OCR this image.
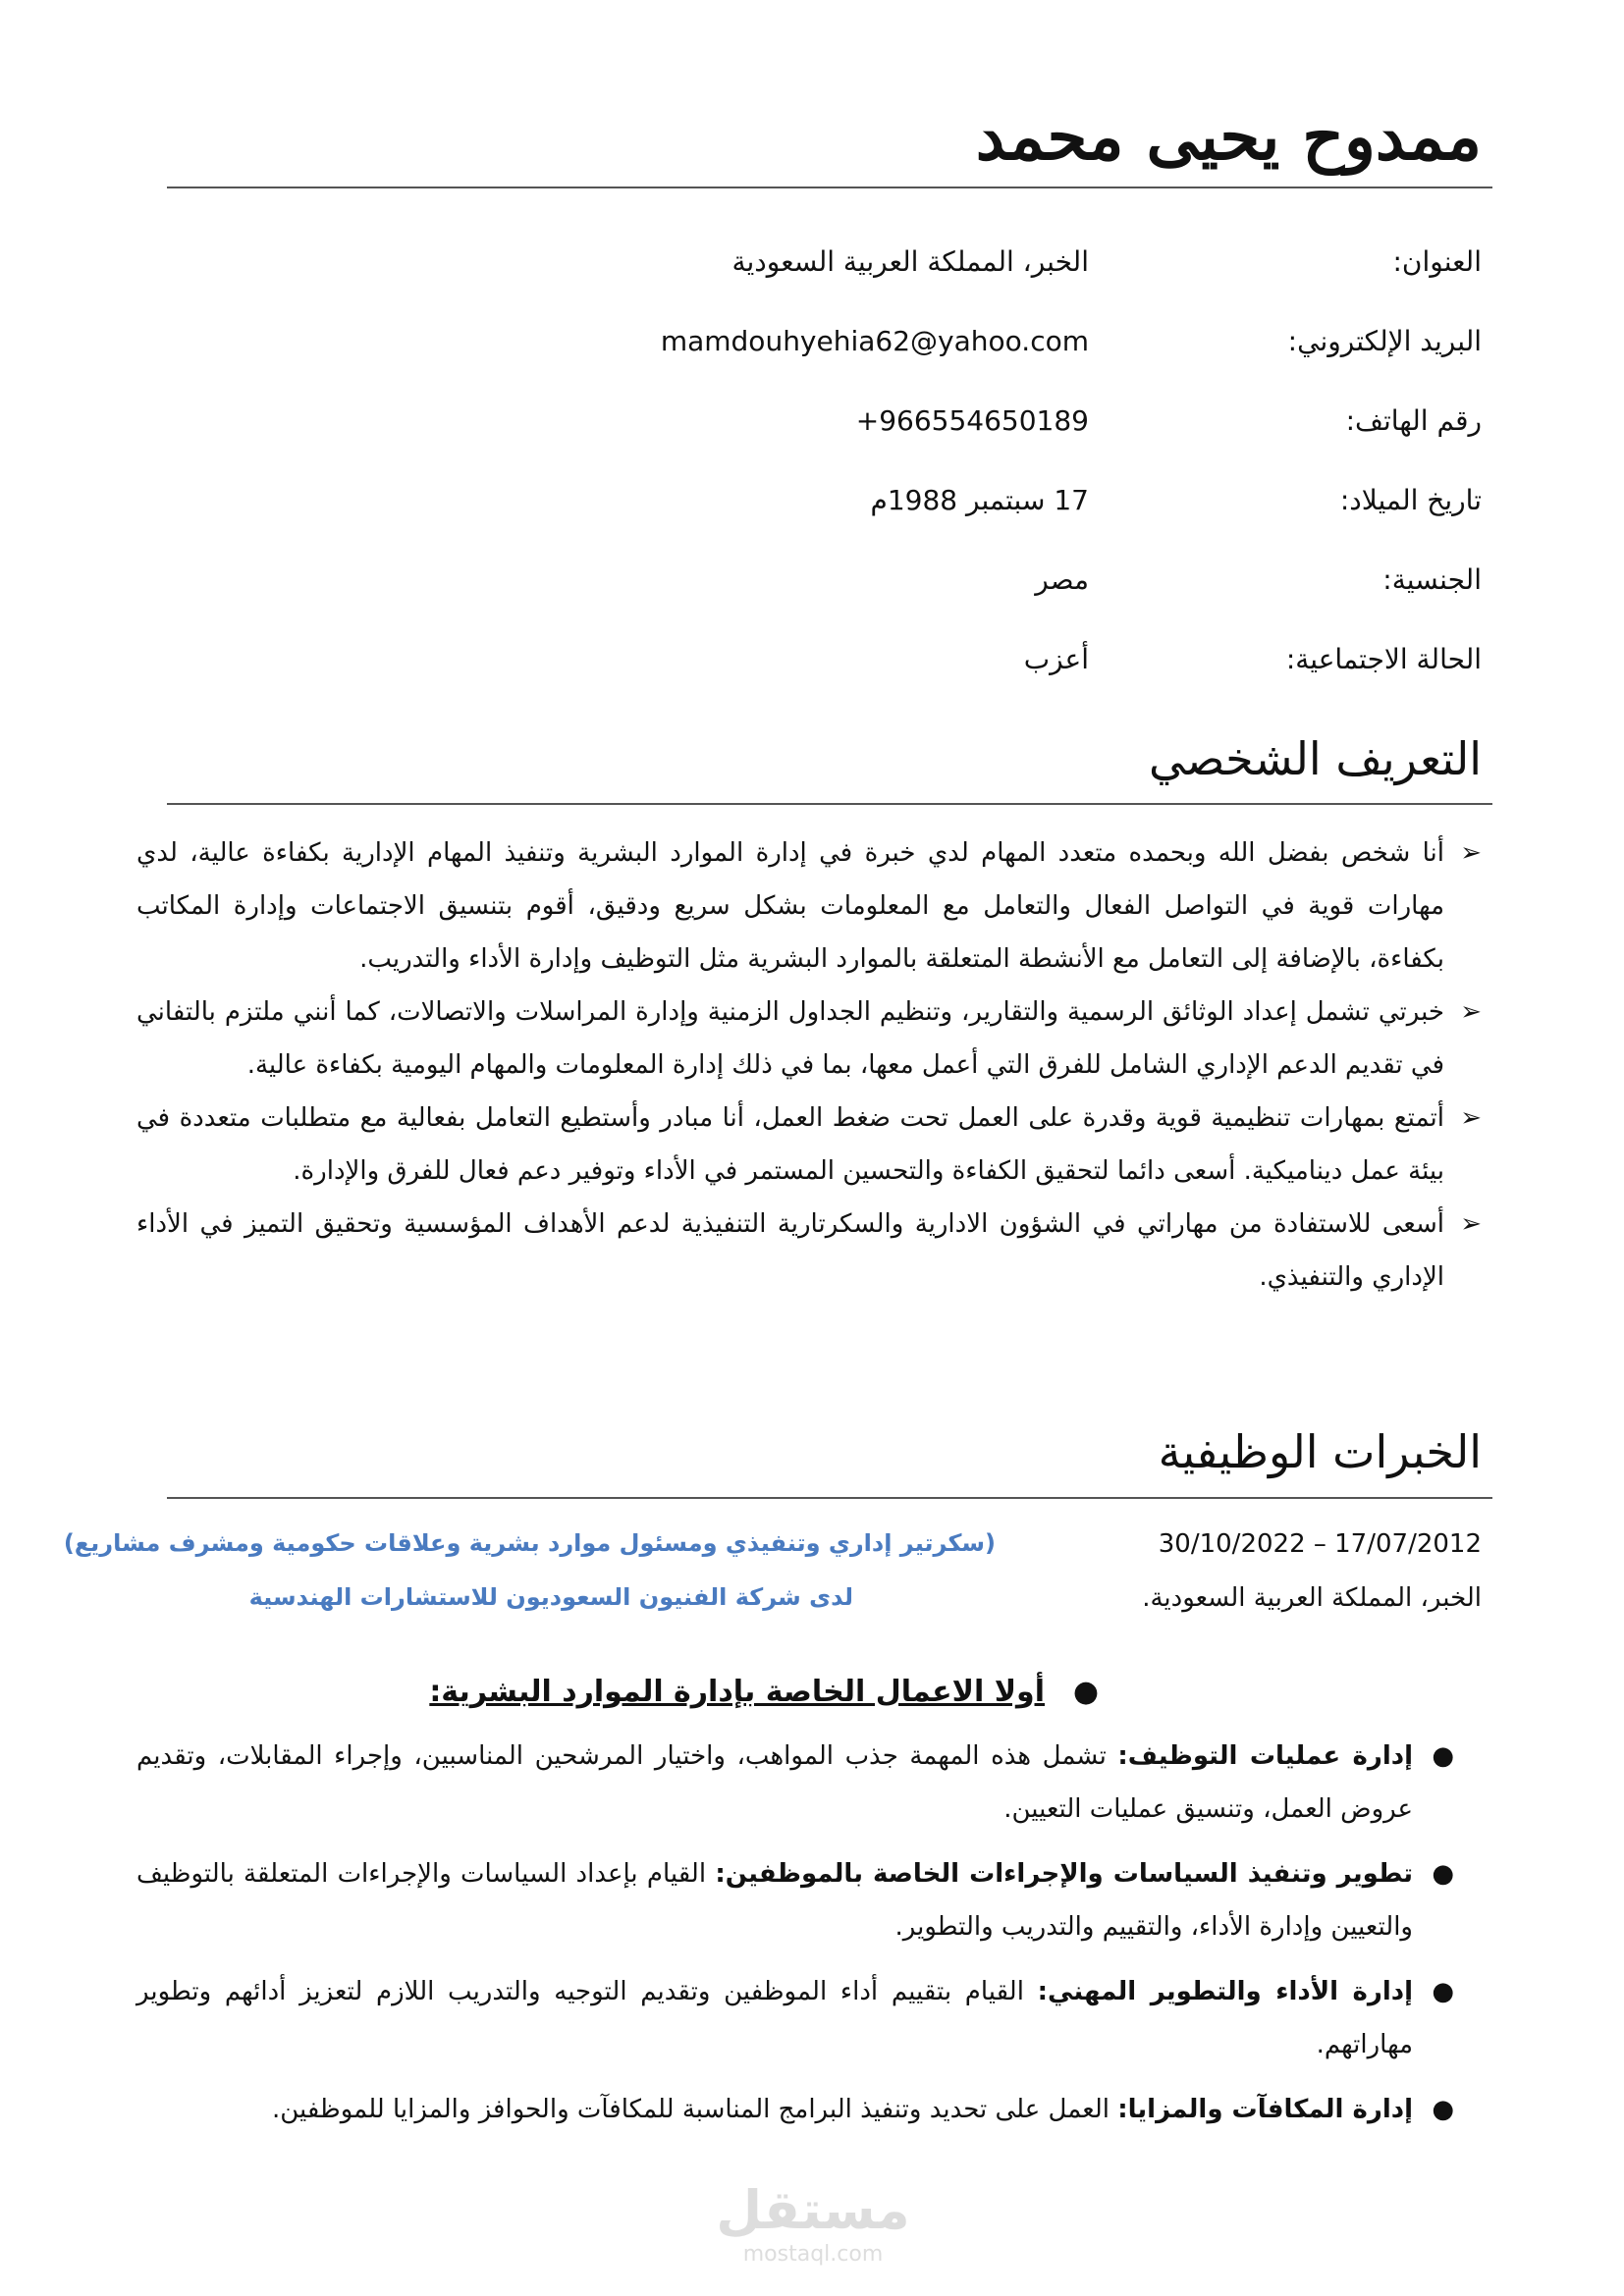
ممدوح يحيى محمد
العنوان:
الخبر، المملكة العربية السعودية
البريد الإلكتروني:
mamdouhyehia62@yahoo.com
رقم الهاتف:
+966554650189
تاريخ الميلاد:
17 سبتمبر 1988م
الجنسية:
مصر
الحالة الاجتماعية:
أعزب
التعريف الشخصي
➢
أنا شخص بفضل الله وبحمده متعدد المهام لدي خبرة في إدارة الموارد البشرية وتنفيذ المهام الإدارية بكفاءة عالية، لدي مهارات قوية في التواصل الفعال والتعامل مع المعلومات بشكل سريع ودقيق، أقوم بتنسيق الاجتماعات وإدارة المكاتب بكفاءة، بالإضافة إلى التعامل مع الأنشطة المتعلقة بالموارد البشرية مثل التوظيف وإدارة الأداء والتدريب.
➢
خبرتي تشمل إعداد الوثائق الرسمية والتقارير، وتنظيم الجداول الزمنية وإدارة المراسلات والاتصالات، كما أنني ملتزم بالتفاني في تقديم الدعم الإداري الشامل للفرق التي أعمل معها، بما في ذلك إدارة المعلومات والمهام اليومية بكفاءة عالية.
➢
أتمتع بمهارات تنظيمية قوية وقدرة على العمل تحت ضغط العمل، أنا مبادر وأستطيع التعامل بفعالية مع متطلبات متعددة في بيئة عمل ديناميكية. أسعى دائما لتحقيق الكفاءة والتحسين المستمر في الأداء وتوفير دعم فعال للفرق والإدارة.
➢
أسعى للاستفادة من مهاراتي في الشؤون الادارية والسكرتارية التنفيذية لدعم الأهداف المؤسسية وتحقيق التميز في الأداء الإداري والتنفيذي.
الخبرات الوظيفية
30/10/2022 – 17/07/2012
الخبر، المملكة العربية السعودية.
(سكرتير إداري وتنفيذي ومسئول موارد بشرية وعلاقات حكومية ومشرف مشاريع)
لدى شركة الفنيون السعوديون للاستشارات الهندسية
●
أولا الاعمال الخاصة بإدارة الموارد البشرية:
●
إدارة عمليات التوظيف: تشمل هذه المهمة جذب المواهب، واختيار المرشحين المناسبين، وإجراء المقابلات، وتقديم عروض العمل، وتنسيق عمليات التعيين.
●
تطوير وتنفيذ السياسات والإجراءات الخاصة بالموظفين: القيام بإعداد السياسات والإجراءات المتعلقة بالتوظيف والتعيين وإدارة الأداء، والتقييم والتدريب والتطوير.
●
إدارة الأداء والتطوير المهني: القيام بتقييم أداء الموظفين وتقديم التوجيه والتدريب اللازم لتعزيز أدائهم وتطوير مهاراتهم.
●
إدارة المكافآت والمزايا: العمل على تحديد وتنفيذ البرامج المناسبة للمكافآت والحوافز والمزايا للموظفين.
مستقل
mostaql.com
